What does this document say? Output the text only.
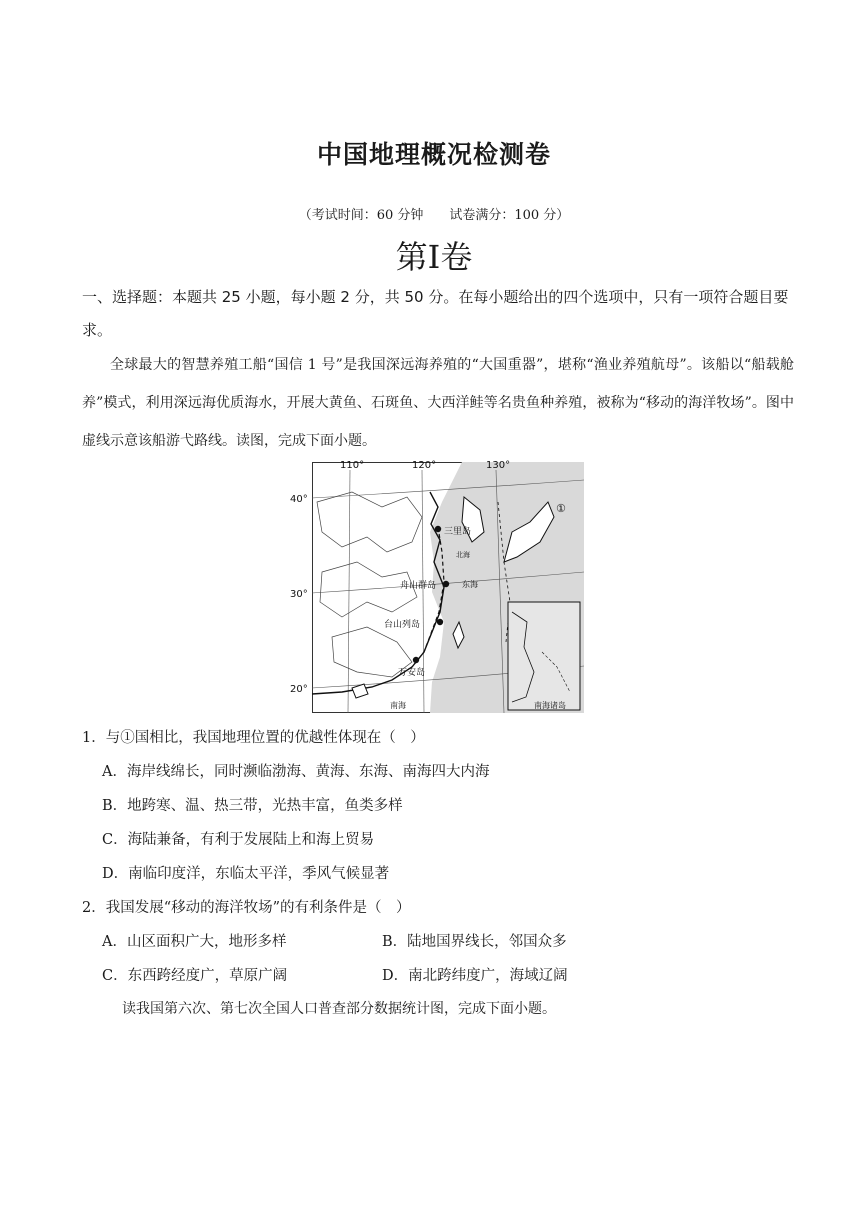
中国地理概况检测卷
（考试时间：60 分钟　　试卷满分：100 分）
第Ⅰ卷
一、选择题：本题共 25 小题，每小题 2 分，共 50 分。在每小题给出的四个选项中，只有一项符合题目要求。
全球最大的智慧养殖工船“国信 1 号”是我国深远海养殖的“大国重器”，堪称“渔业养殖航母”。该船以“船载舱养”模式，利用深远海优质海水，开展大黄鱼、石斑鱼、大西洋鲑等名贵鱼种养殖，被称为“移动的海洋牧场”。图中虚线示意该船游弋路线。读图，完成下面小题。
110°	120°	130°
40°
30°
20°
三里岛
北海
舟山群岛	东海
台山列岛
南海
万安岛
①
南海诸岛
1．与①国相比，我国地理位置的优越性体现在（　）
A．海岸线绵长，同时濒临渤海、黄海、东海、南海四大内海
B．地跨寒、温、热三带，光热丰富，鱼类多样
C．海陆兼备，有利于发展陆上和海上贸易
D．南临印度洋，东临太平洋，季风气候显著
2．我国发展“移动的海洋牧场”的有利条件是（　）
A．山区面积广大，地形多样	B．陆地国界线长，邻国众多
C．东西跨经度广，草原广阔	D．南北跨纬度广，海域辽阔
读我国第六次、第七次全国人口普查部分数据统计图，完成下面小题。
